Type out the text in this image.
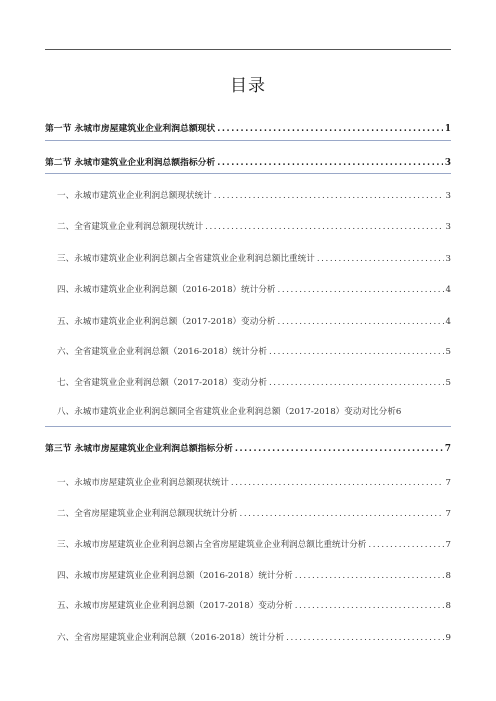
目录
第一节 永城市房屋建筑业企业利润总额现状 .....	1
第二节 永城市建筑业企业利润总额指标分析 .....	3
一、永城市建筑业企业利润总额现状统计 .....	3
二、全省建筑业企业利润总额现状统计 .....	3
三、永城市建筑业企业利润总额占全省建筑业企业利润总额比重统计 .....	3
四、永城市建筑业企业利润总额（2016-2018）统计分析 .....	4
五、永城市建筑业企业利润总额（2017-2018）变动分析 .....	4
六、全省建筑业企业利润总额（2016-2018）统计分析 .....	5
七、全省建筑业企业利润总额（2017-2018）变动分析 .....	5
八、永城市建筑业企业利润总额同全省建筑业企业利润总额（2017-2018）变动对比分析 6
第三节 永城市房屋建筑业企业利润总额指标分析 .....	7
一、永城市房屋建筑业企业利润总额现状统计 .....	7
二、全省房屋建筑业企业利润总额现状统计分析 .....	7
三、永城市房屋建筑业企业利润总额占全省房屋建筑业企业利润总额比重统计分析 .....	7
四、永城市房屋建筑业企业利润总额（2016-2018）统计分析 .....	8
五、永城市房屋建筑业企业利润总额（2017-2018）变动分析 .....	8
六、全省房屋建筑业企业利润总额（2016-2018）统计分析 .....	9
